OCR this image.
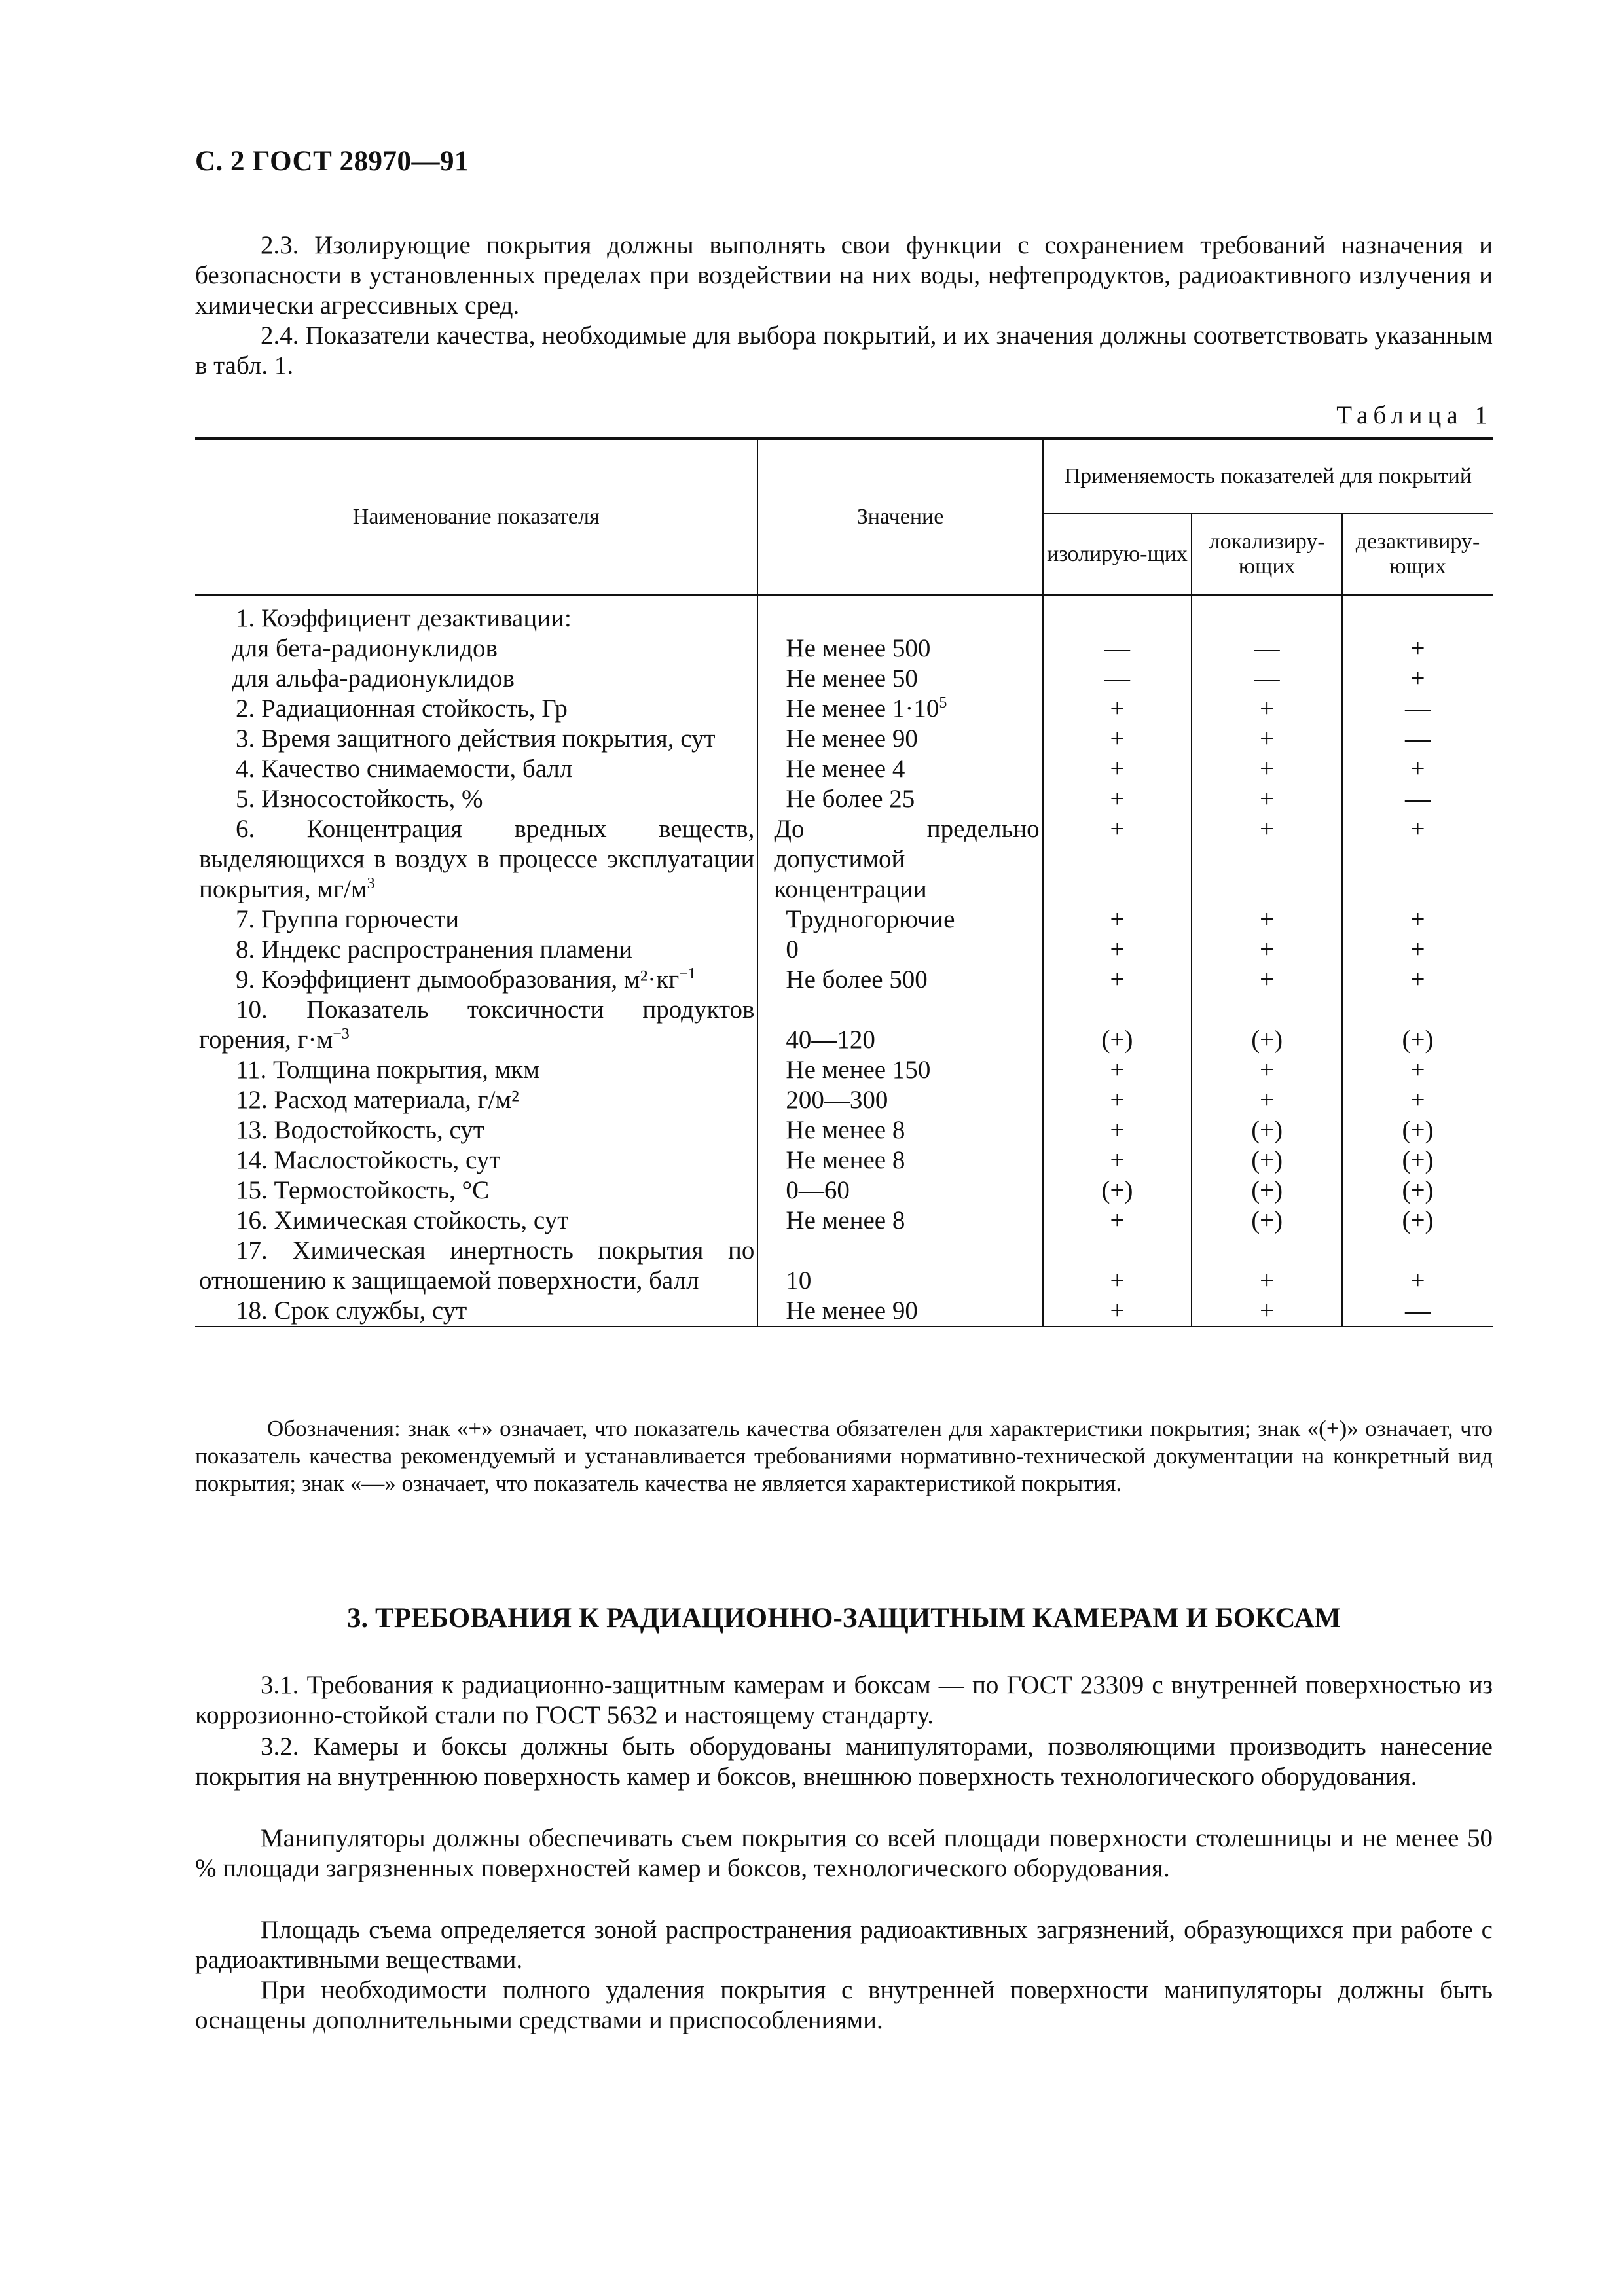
С. 2 ГОСТ 28970—91

2.3. Изолирующие покрытия должны выполнять свои функции с сохранением требований назначения и безопасности в установленных пределах при воздействии на них воды, нефтепродуктов, радиоактивного излучения и химически агрессивных сред.

2.4. Показатели качества, необходимые для выбора покрытий, и их значения должны соответствовать указанным в табл. 1.

Таблица 1
Наименование показателя	Значение	Применяемость показателей для покрытий		
		изолирую-щих	локализиру-ющих	дезактивиру-ющих
1. Коэффициент дезактивации:				
для бета-радионуклидов	Не менее 500	—	—	+
для альфа-радионуклидов	Не менее 50	—	—	+
2. Радиационная стойкость, Гр	Не менее $1\cdot 10^5$	+	+	—
3. Время защитного действия покрытия, сут	Не менее 90	+	+	—
4. Качество снимаемости, балл	Не менее 4	+	+	+
5. Износостойкость, %	Не более 25	+	+	—
6. Концентрация вредных веществ, выделяющихся в воздух в процессе эксплуатации покрытия, $мг/м^3$	До предельно допустимой концентрации	+	+	+
7. Группа горючести	Трудногорючие	+	+	+
8. Индекс распространения пламени	0	+	+	+
9. Коэффициент дымообразования, $м^2\cdot кг^{-1}$	Не более 500	+	+	+
10. Показатель токсичности продуктов горения, $г\cdot м^{-3}$	40—120	(+)	(+)	(+)
11. Толщина покрытия, мкм	Не менее 150	+	+	+
12. Расход материала, г/м²	200—300	+	+	+
13. Водостойкость, сут	Не менее 8	+	(+)	(+)
14. Маслостойкость, сут	Не менее 8	+	(+)	(+)
15. Термостойкость, °С	0—60	(+)	(+)	(+)
16. Химическая стойкость, сут	Не менее 8	+	(+)	(+)
17. Химическая инертность покрытия по отношению к защищаемой поверхности, балл	10	+	+	+
18. Срок службы, сут	Не менее 90	+	+	—

Обозначения: знак «+» означает, что показатель качества обязателен для характеристики покрытия; знак «(+)» означает, что показатель качества рекомендуемый и устанавливается требованиями нормативно-технической документации на конкретный вид покрытия; знак «—» означает, что показатель качества не является характеристикой покрытия.

3. ТРЕБОВАНИЯ К РАДИАЦИОННО-ЗАЩИТНЫМ КАМЕРАМ И БОКСАМ

3.1. Требования к радиационно-защитным камерам и боксам — по ГОСТ 23309 с внутренней поверхностью из коррозионно-стойкой стали по ГОСТ 5632 и настоящему стандарту.

3.2. Камеры и боксы должны быть оборудованы манипуляторами, позволяющими производить нанесение покрытия на внутреннюю поверхность камер и боксов, внешнюю поверхность технологического оборудования.

Манипуляторы должны обеспечивать съем покрытия со всей площади поверхности столешницы и не менее 50 % площади загрязненных поверхностей камер и боксов, технологического оборудования.

Площадь съема определяется зоной распространения радиоактивных загрязнений, образующихся при работе с радиоактивными веществами.

При необходимости полного удаления покрытия с внутренней поверхности манипуляторы должны быть оснащены дополнительными средствами и приспособлениями.
